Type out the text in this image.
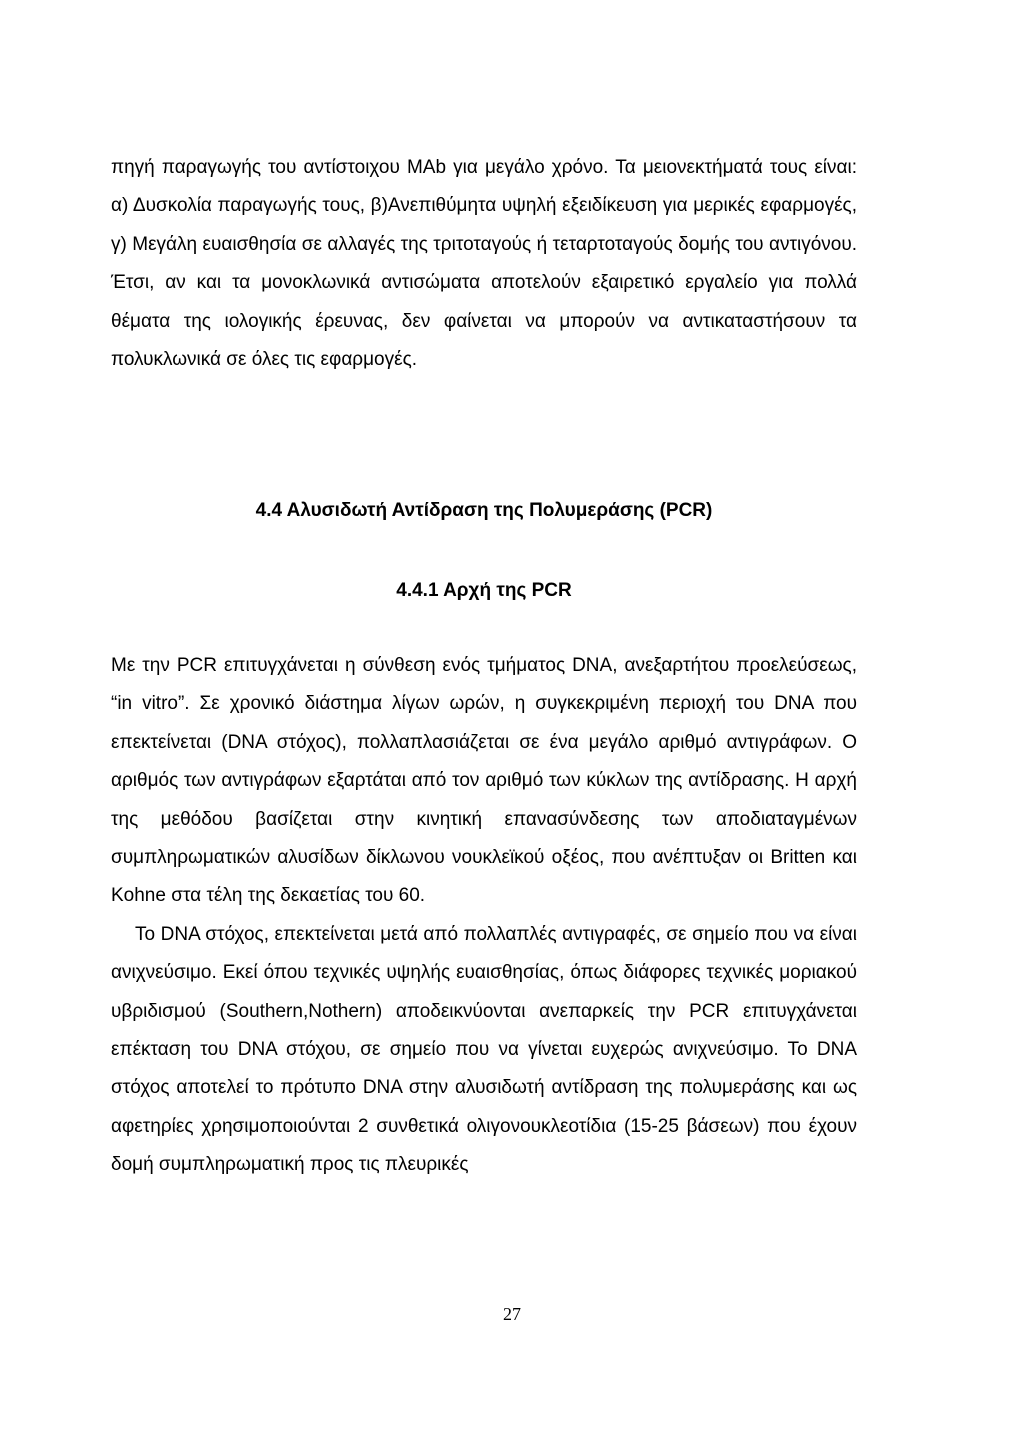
πηγή παραγωγής του αντίστοιχου MAb για μεγάλο χρόνο. Τα μειονεκτήματά τους είναι: α) Δυσκολία παραγωγής τους, β)Ανεπιθύμητα υψηλή εξειδίκευση για μερικές εφαρμογές, γ) Μεγάλη ευαισθησία σε αλλαγές της τριτοταγούς ή τεταρτοταγούς δομής του αντιγόνου. Έτσι, αν και τα μονοκλωνικά αντισώματα αποτελούν εξαιρετικό εργαλείο για πολλά θέματα της ιολογικής έρευνας, δεν φαίνεται να μπορούν να αντικαταστήσουν τα πολυκλωνικά σε όλες τις εφαρμογές.

4.4 Αλυσιδωτή Αντίδραση της Πολυμεράσης (PCR)
4.4.1 Αρχή της PCR

Με την PCR επιτυγχάνεται η σύνθεση ενός τμήματος DNA, ανεξαρτήτου προελεύσεως, “in vitro”. Σε χρονικό διάστημα λίγων ωρών, η συγκεκριμένη περιοχή του DNA που επεκτείνεται (DNA στόχος), πολλαπλασιάζεται σε ένα μεγάλο αριθμό αντιγράφων. Ο αριθμός των αντιγράφων εξαρτάται από τον αριθμό των κύκλων της αντίδρασης. Η αρχή της μεθόδου βασίζεται στην κινητική επανασύνδεσης των αποδιαταγμένων συμπληρωματικών αλυσίδων δίκλωνου νουκλεϊκού οξέος, που ανέπτυξαν οι Britten και Kohne στα τέλη της δεκαετίας του 60.

Το DNA στόχος, επεκτείνεται μετά από πολλαπλές αντιγραφές, σε σημείο που να είναι ανιχνεύσιμο. Εκεί όπου τεχνικές υψηλής ευαισθησίας, όπως διάφορες τεχνικές μοριακού υβριδισμού (Southern,Nothern) αποδεικνύονται ανεπαρκείς την PCR επιτυγχάνεται επέκταση του DNA στόχου, σε σημείο που να γίνεται ευχερώς ανιχνεύσιμο. Το DNA στόχος αποτελεί το πρότυπο DNA στην αλυσιδωτή αντίδραση της πολυμεράσης και ως αφετηρίες χρησιμοποιούνται 2 συνθετικά ολιγονουκλεοτίδια (15-25 βάσεων) που έχουν δομή συμπληρωματική προς τις πλευρικές

27
